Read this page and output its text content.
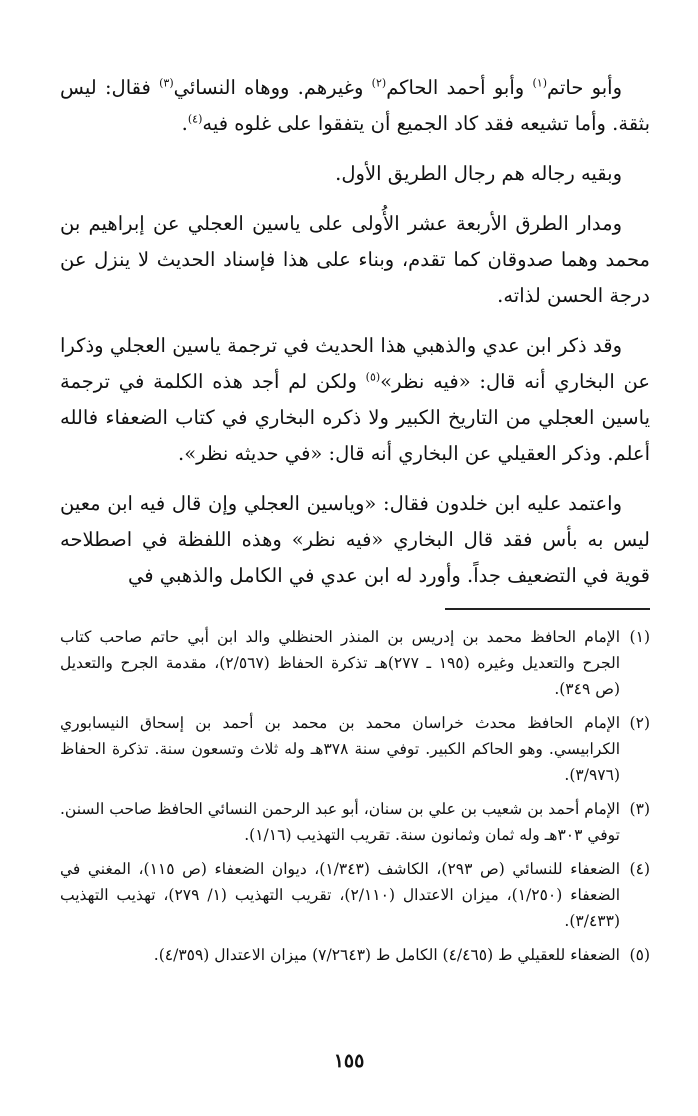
وأبو حاتم$^{(١)}$ وأبو أحمد الحاكم$^{(٢)}$ وغيرهم. ووهاه النسائي$^{(٣)}$ فقال: ليس بثقة. وأما تشيعه فقد كاد الجميع أن يتفقوا على غلوه فيه$^{(٤)}$.

وبقيه رجاله هم رجال الطريق الأول.

ومدار الطرق الأربعة عشر الأُولى على ياسين العجلي عن إبراهيم بن محمد وهما صدوقان كما تقدم، وبناء على هذا فإسناد الحديث لا ينزل عن درجة الحسن لذاته.

وقد ذكر ابن عدي والذهبي هذا الحديث في ترجمة ياسين العجلي وذكرا عن البخاري أنه قال: «فيه نظر»$^{(٥)}$ ولكن لم أجد هذه الكلمة في ترجمة ياسين العجلي من التاريخ الكبير ولا ذكره البخاري في كتاب الضعفاء فالله أعلم. وذكر العقيلي عن البخاري أنه قال: «في حديثه نظر».

واعتمد عليه ابن خلدون فقال: «وياسين العجلي وإن قال فيه ابن معين ليس به بأس فقد قال البخاري «فيه نظر» وهذه اللفظة في اصطلاحه قوية في التضعيف جداً. وأورد له ابن عدي في الكامل والذهبي في

(١)
الإمام الحافظ محمد بن إدريس بن المنذر الحنظلي والد ابن أبي حاتم صاحب كتاب الجرح والتعديل وغيره (١٩٥ ـ ٢٧٧)هـ تذكرة الحفاظ (٢/٥٦٧)، مقدمة الجرح والتعديل (ص ٣٤٩).
(٢)
الإمام الحافظ محدث خراسان محمد بن محمد بن أحمد بن إسحاق النيسابوري الكرابيسي. وهو الحاكم الكبير. توفي سنة ٣٧٨هـ وله ثلاث وتسعون سنة. تذكرة الحفاظ (٣/٩٧٦).
(٣)
الإمام أحمد بن شعيب بن علي بن سنان، أبو عبد الرحمن النسائي الحافظ صاحب السنن. توفي ٣٠٣هـ وله ثمان وثمانون سنة. تقريب التهذيب (١/١٦).
(٤)
الضعفاء للنسائي (ص ٢٩٣)، الكاشف (١/٣٤٣)، ديوان الضعفاء (ص ١١٥)، المغني في الضعفاء (١/٢٥٠)، ميزان الاعتدال (٢/١١٠)، تقريب التهذيب (١/ ٢٧٩)، تهذيب التهذيب (٣/٤٣٣).
(٥)
الضعفاء للعقيلي ط (٤/٤٦٥) الكامل ط (٧/٢٦٤٣) ميزان الاعتدال (٤/٣٥٩).
١٥٥
